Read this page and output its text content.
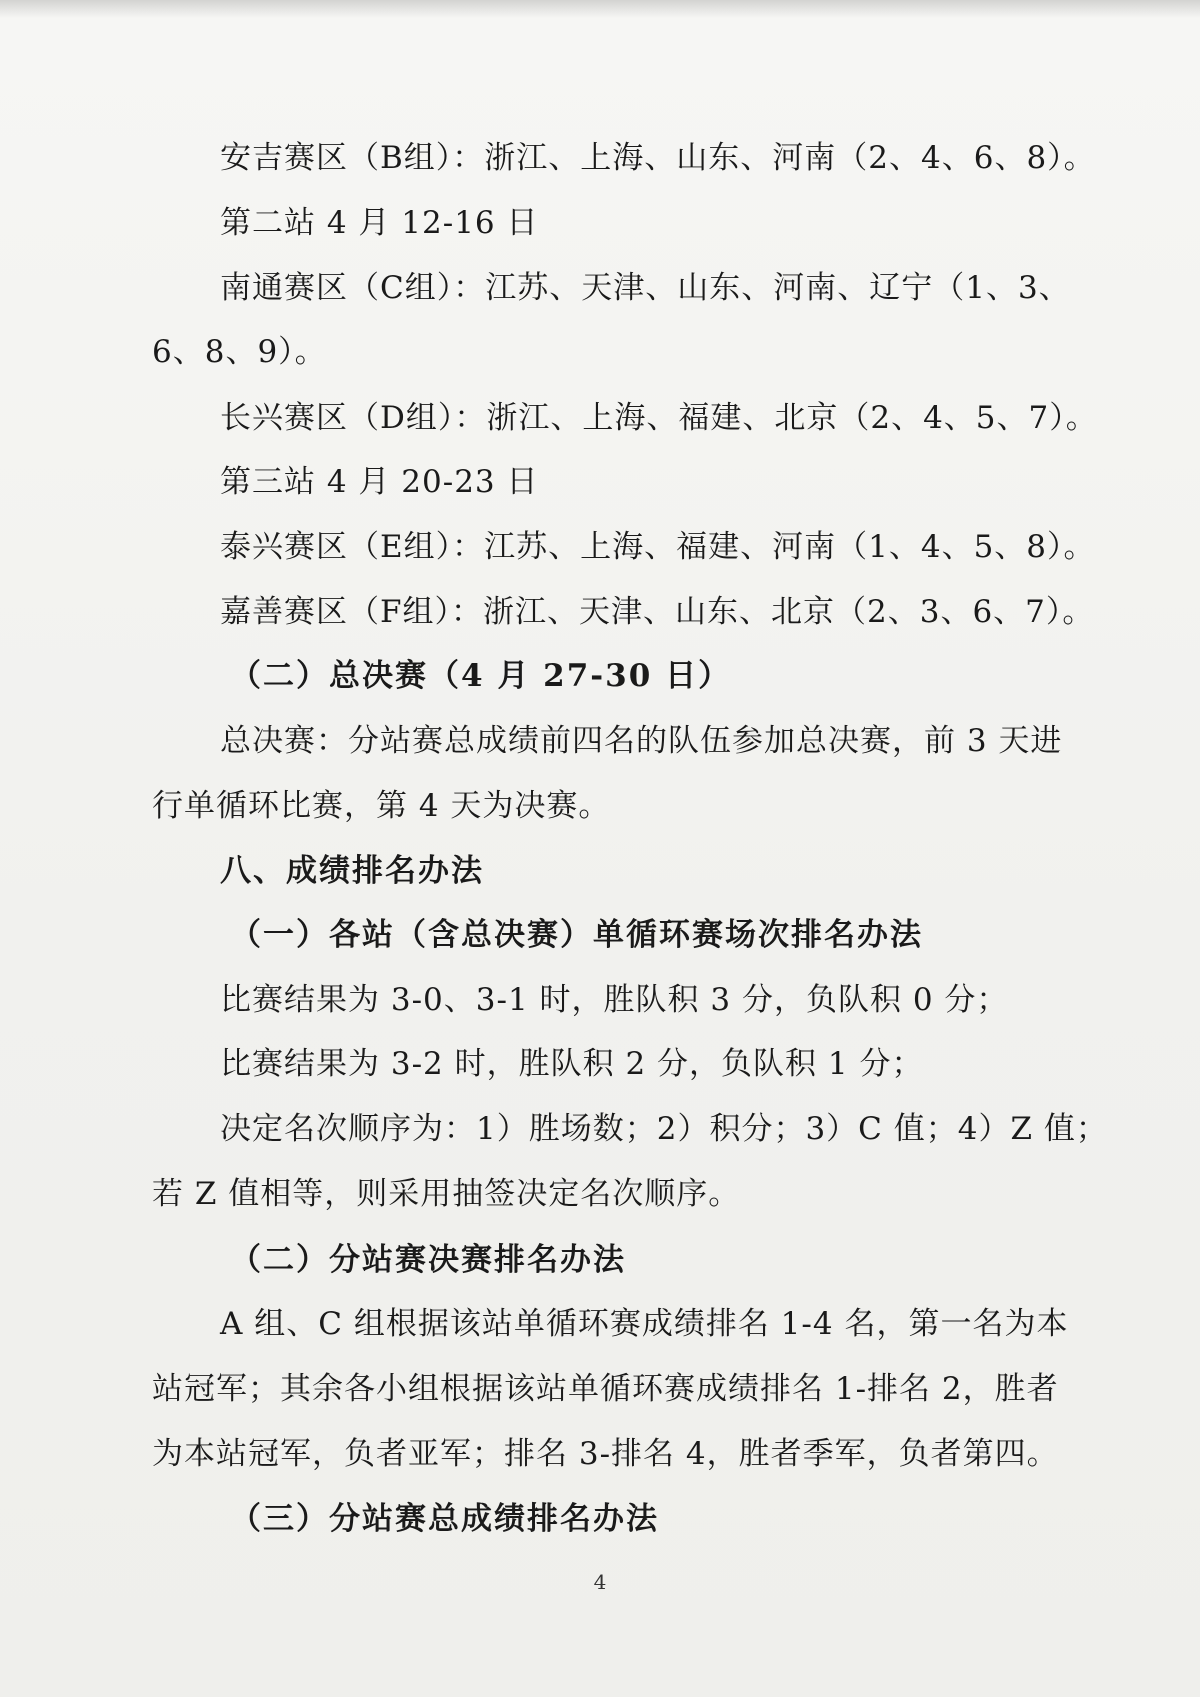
安吉赛区（B组）：浙江、上海、山东、河南（2、4、6、8）。
第二站 4 月 12-16 日
南通赛区（C组）：江苏、天津、山东、河南、辽宁（1、3、
6、8、9）。
长兴赛区（D组）：浙江、上海、福建、北京（2、4、5、7）。
第三站 4 月 20-23 日
泰兴赛区（E组）：江苏、上海、福建、河南（1、4、5、8）。
嘉善赛区（F组）：浙江、天津、山东、北京（2、3、6、7）。
（二）总决赛（4 月 27-30 日）
总决赛：分站赛总成绩前四名的队伍参加总决赛，前 3 天进
行单循环比赛，第 4 天为决赛。
八、成绩排名办法
（一）各站（含总决赛）单循环赛场次排名办法
比赛结果为 3-0、3-1 时，胜队积 3 分，负队积 0 分；
比赛结果为 3-2 时，胜队积 2 分，负队积 1 分；
决定名次顺序为：1）胜场数；2）积分；3）C 值；4）Z 值；
若 Z 值相等，则采用抽签决定名次顺序。
（二）分站赛决赛排名办法
A 组、C 组根据该站单循环赛成绩排名 1-4 名，第一名为本
站冠军；其余各小组根据该站单循环赛成绩排名 1-排名 2，胜者
为本站冠军，负者亚军；排名 3-排名 4，胜者季军，负者第四。
（三）分站赛总成绩排名办法
4
